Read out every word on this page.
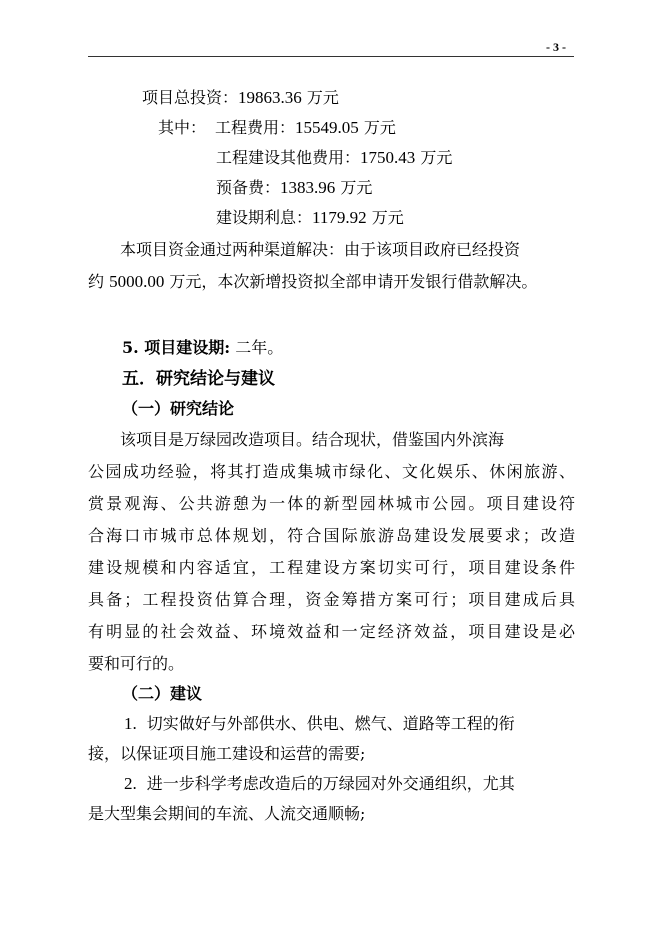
- 3 -
项目总投资：19863.36 万元
其中： 工程费用：15549.05 万元
工程建设其他费用：1750.43 万元
预备费：1383.96 万元
建设期利息：1179.92 万元
本项目资金通过两种渠道解决：由于该项目政府已经投资
约 5000.00 万元，本次新增投资拟全部申请开发银行借款解决。
5. 项目建设期: 二年。
五．研究结论与建议
（一）研究结论
该项目是万绿园改造项目。结合现状，借鉴国内外滨海
公园成功经验，将其打造成集城市绿化、文化娱乐、休闲旅游、
赏景观海、公共游憩为一体的新型园林城市公园。项目建设符
合海口市城市总体规划，符合国际旅游岛建设发展要求；改造
建设规模和内容适宜，工程建设方案切实可行，项目建设条件
具备；工程投资估算合理，资金筹措方案可行；项目建成后具
有明显的社会效益、环境效益和一定经济效益，项目建设是必
要和可行的。
（二）建议
1. 切实做好与外部供水、供电、燃气、道路等工程的衔
接，以保证项目施工建设和运营的需要;
2. 进一步科学考虑改造后的万绿园对外交通组织，尤其
是大型集会期间的车流、人流交通顺畅;
